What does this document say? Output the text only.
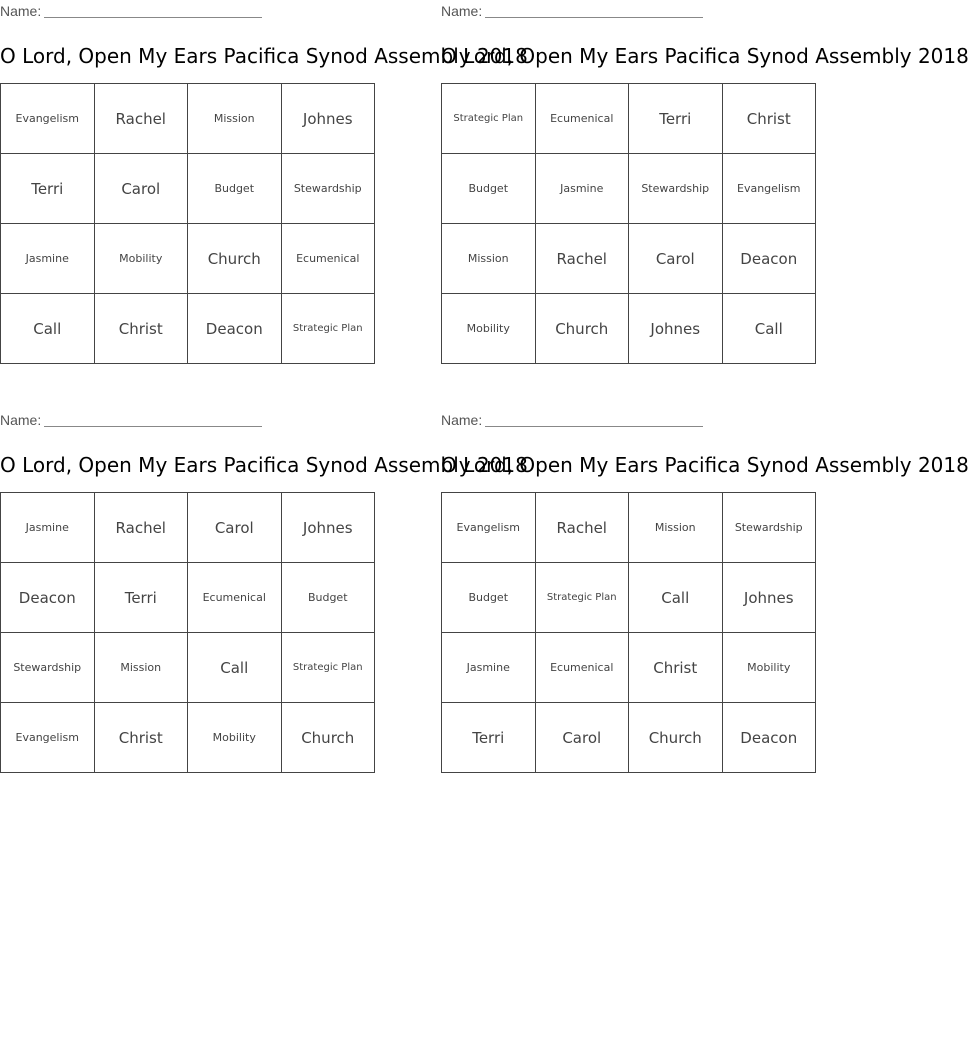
Name:
O Lord, Open My Ears Pacifica Synod Assembly 2018
Evangelism	Rachel	Mission	Johnes
Terri	Carol	Budget	Stewardship
Jasmine	Mobility	Church	Ecumenical
Call	Christ	Deacon	Strategic Plan
Name:
O Lord, Open My Ears Pacifica Synod Assembly 2018
Strategic Plan	Ecumenical	Terri	Christ
Budget	Jasmine	Stewardship	Evangelism
Mission	Rachel	Carol	Deacon
Mobility	Church	Johnes	Call
Name:
O Lord, Open My Ears Pacifica Synod Assembly 2018
Jasmine	Rachel	Carol	Johnes
Deacon	Terri	Ecumenical	Budget
Stewardship	Mission	Call	Strategic Plan
Evangelism	Christ	Mobility	Church
Name:
O Lord, Open My Ears Pacifica Synod Assembly 2018
Evangelism	Rachel	Mission	Stewardship
Budget	Strategic Plan	Call	Johnes
Jasmine	Ecumenical	Christ	Mobility
Terri	Carol	Church	Deacon
